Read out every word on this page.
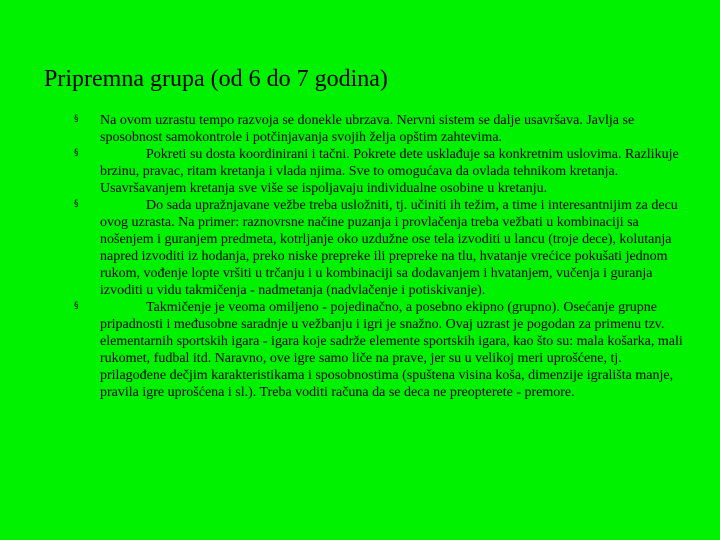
Pripremna grupa (od 6 do 7 godina)
§ Na ovom uzrastu tempo razvoja se donekle ubrzava. Nervni sistem se dalje usavršava. Javlja se sposobnost samokontrole i potčinjavanja svojih želja opštim zahtevima.
§	Pokreti su dosta koordinirani i tačni. Pokrete dete usklađuje sa konkretnim uslovima. Razlikuje brzinu, pravac, ritam kretanja i vlada njima. Sve to omogućava da ovlada tehnikom kretanja. Usavršavanjem kretanja sve više se ispoljavaju individualne osobine u kretanju.
§	Do sada upražnjavane vežbe treba usložniti, tj. učiniti ih težim, a time i interesantnijim za decu ovog uzrasta. Na primer: raznovrsne načine puzanja i provlačenja treba vežbati u kombinaciji sa nošenjem i guranjem predmeta, kotrljanje oko uzdužne ose tela izvoditi u lancu (troje dece), kolutanja napred izvoditi iz hodanja, preko niske prepreke ili prepreke na tlu, hvatanje vrećice pokušati jednom rukom, vođenje lopte vršiti u trčanju i u kombinaciji sa dodavanjem i hvatanjem, vučenja i guranja izvoditi u vidu takmičenja - nadmetanja (nadvlačenje i potiskivanje).
§	Takmičenje je veoma omiljeno - pojedinačno, a posebno ekipno (grupno). Osećanje grupne pripadnosti i međusobne saradnje u vežbanju i igri je snažno. Ovaj uzrast je pogodan za primenu tzv. elementarnih sportskih igara - igara koje sadrže elemente sportskih igara, kao što su: mala košarka, mali rukomet, fudbal itd. Naravno, ove igre samo liče na prave, jer su u velikoj meri uprošćene, tj. prilagođene dečjim karakteristikama i sposobnostima (spuštena visina koša, dimenzije igrališta manje, pravila igre uprošćena i sl.). Treba voditi računa da se deca ne preopterete - premore.
